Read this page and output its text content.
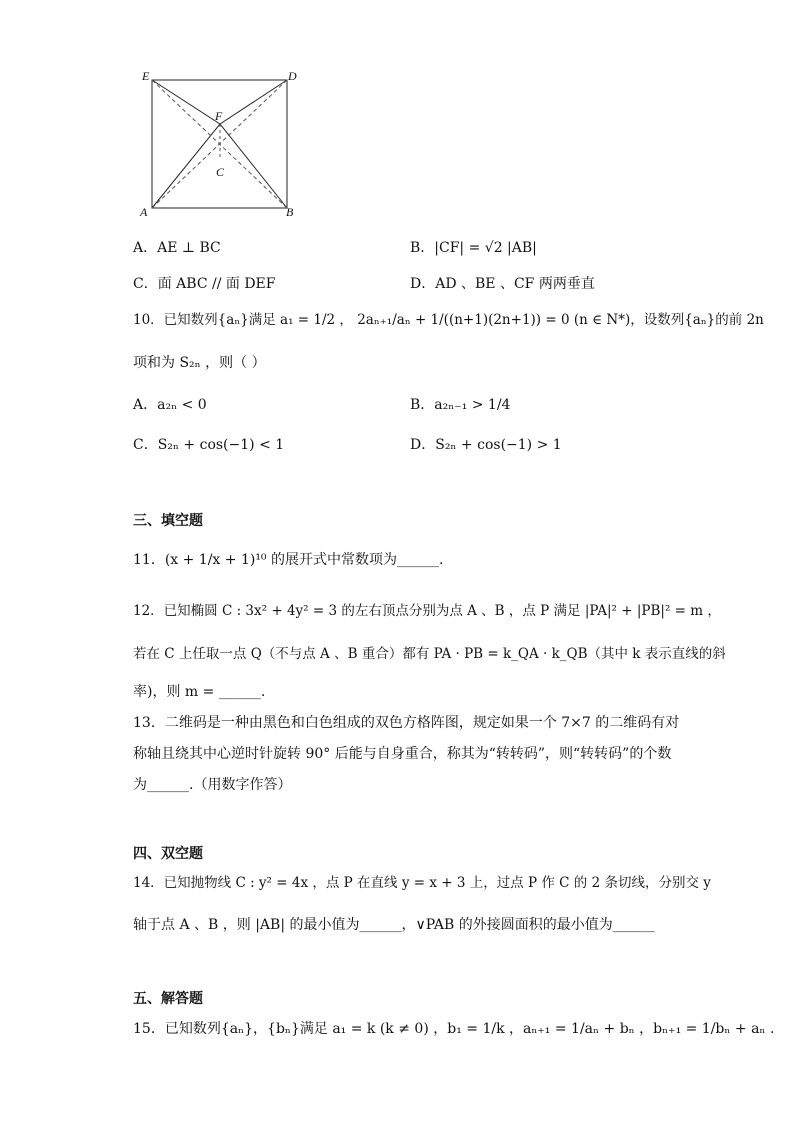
E	D
F
C
A	B
A．AE ⊥ BC	B．|CF| = √2 |AB|
C．面 ABC // 面 DEF	D．AD 、BE 、CF 两两垂直
10．已知数列{aₙ}满足 a₁ = 1/2 ， 2aₙ₊₁/aₙ + 1/((n+1)(2n+1)) = 0 (n ∈ N*)，设数列{aₙ}的前 2n
项和为 S₂ₙ ，则（ ）
A．a₂ₙ < 0	B．a₂ₙ₋₁ > 1/4
C．S₂ₙ + cos(−1) < 1	D．S₂ₙ + cos(−1) > 1
三、填空题
11．(x + 1/x + 1)¹⁰ 的展开式中常数项为______.
12．已知椭圆 C : 3x² + 4y² = 3 的左右顶点分别为点 A 、B ，点 P 满足 |PA|² + |PB|² = m ，
若在 C 上任取一点 Q（不与点 A 、B 重合）都有 PA · PB = k_QA · k_QB（其中 k 表示直线的斜
率)，则 m = ______.
13．二维码是一种由黑色和白色组成的双色方格阵图，规定如果一个 7×7 的二维码有对
称轴且绕其中心逆时针旋转 90° 后能与自身重合，称其为“转转码”，则“转转码”的个数
为______.（用数字作答）
四、双空题
14．已知抛物线 C : y² = 4x ，点 P 在直线 y = x + 3 上，过点 P 作 C 的 2 条切线，分别交 y
轴于点 A 、B ，则 |AB| 的最小值为______，∨PAB 的外接圆面积的最小值为______
五、解答题
15．已知数列{aₙ}，{bₙ}满足 a₁ = k (k ≠ 0) ，b₁ = 1/k ，aₙ₊₁ = 1/aₙ + bₙ ，bₙ₊₁ = 1/bₙ + aₙ .
